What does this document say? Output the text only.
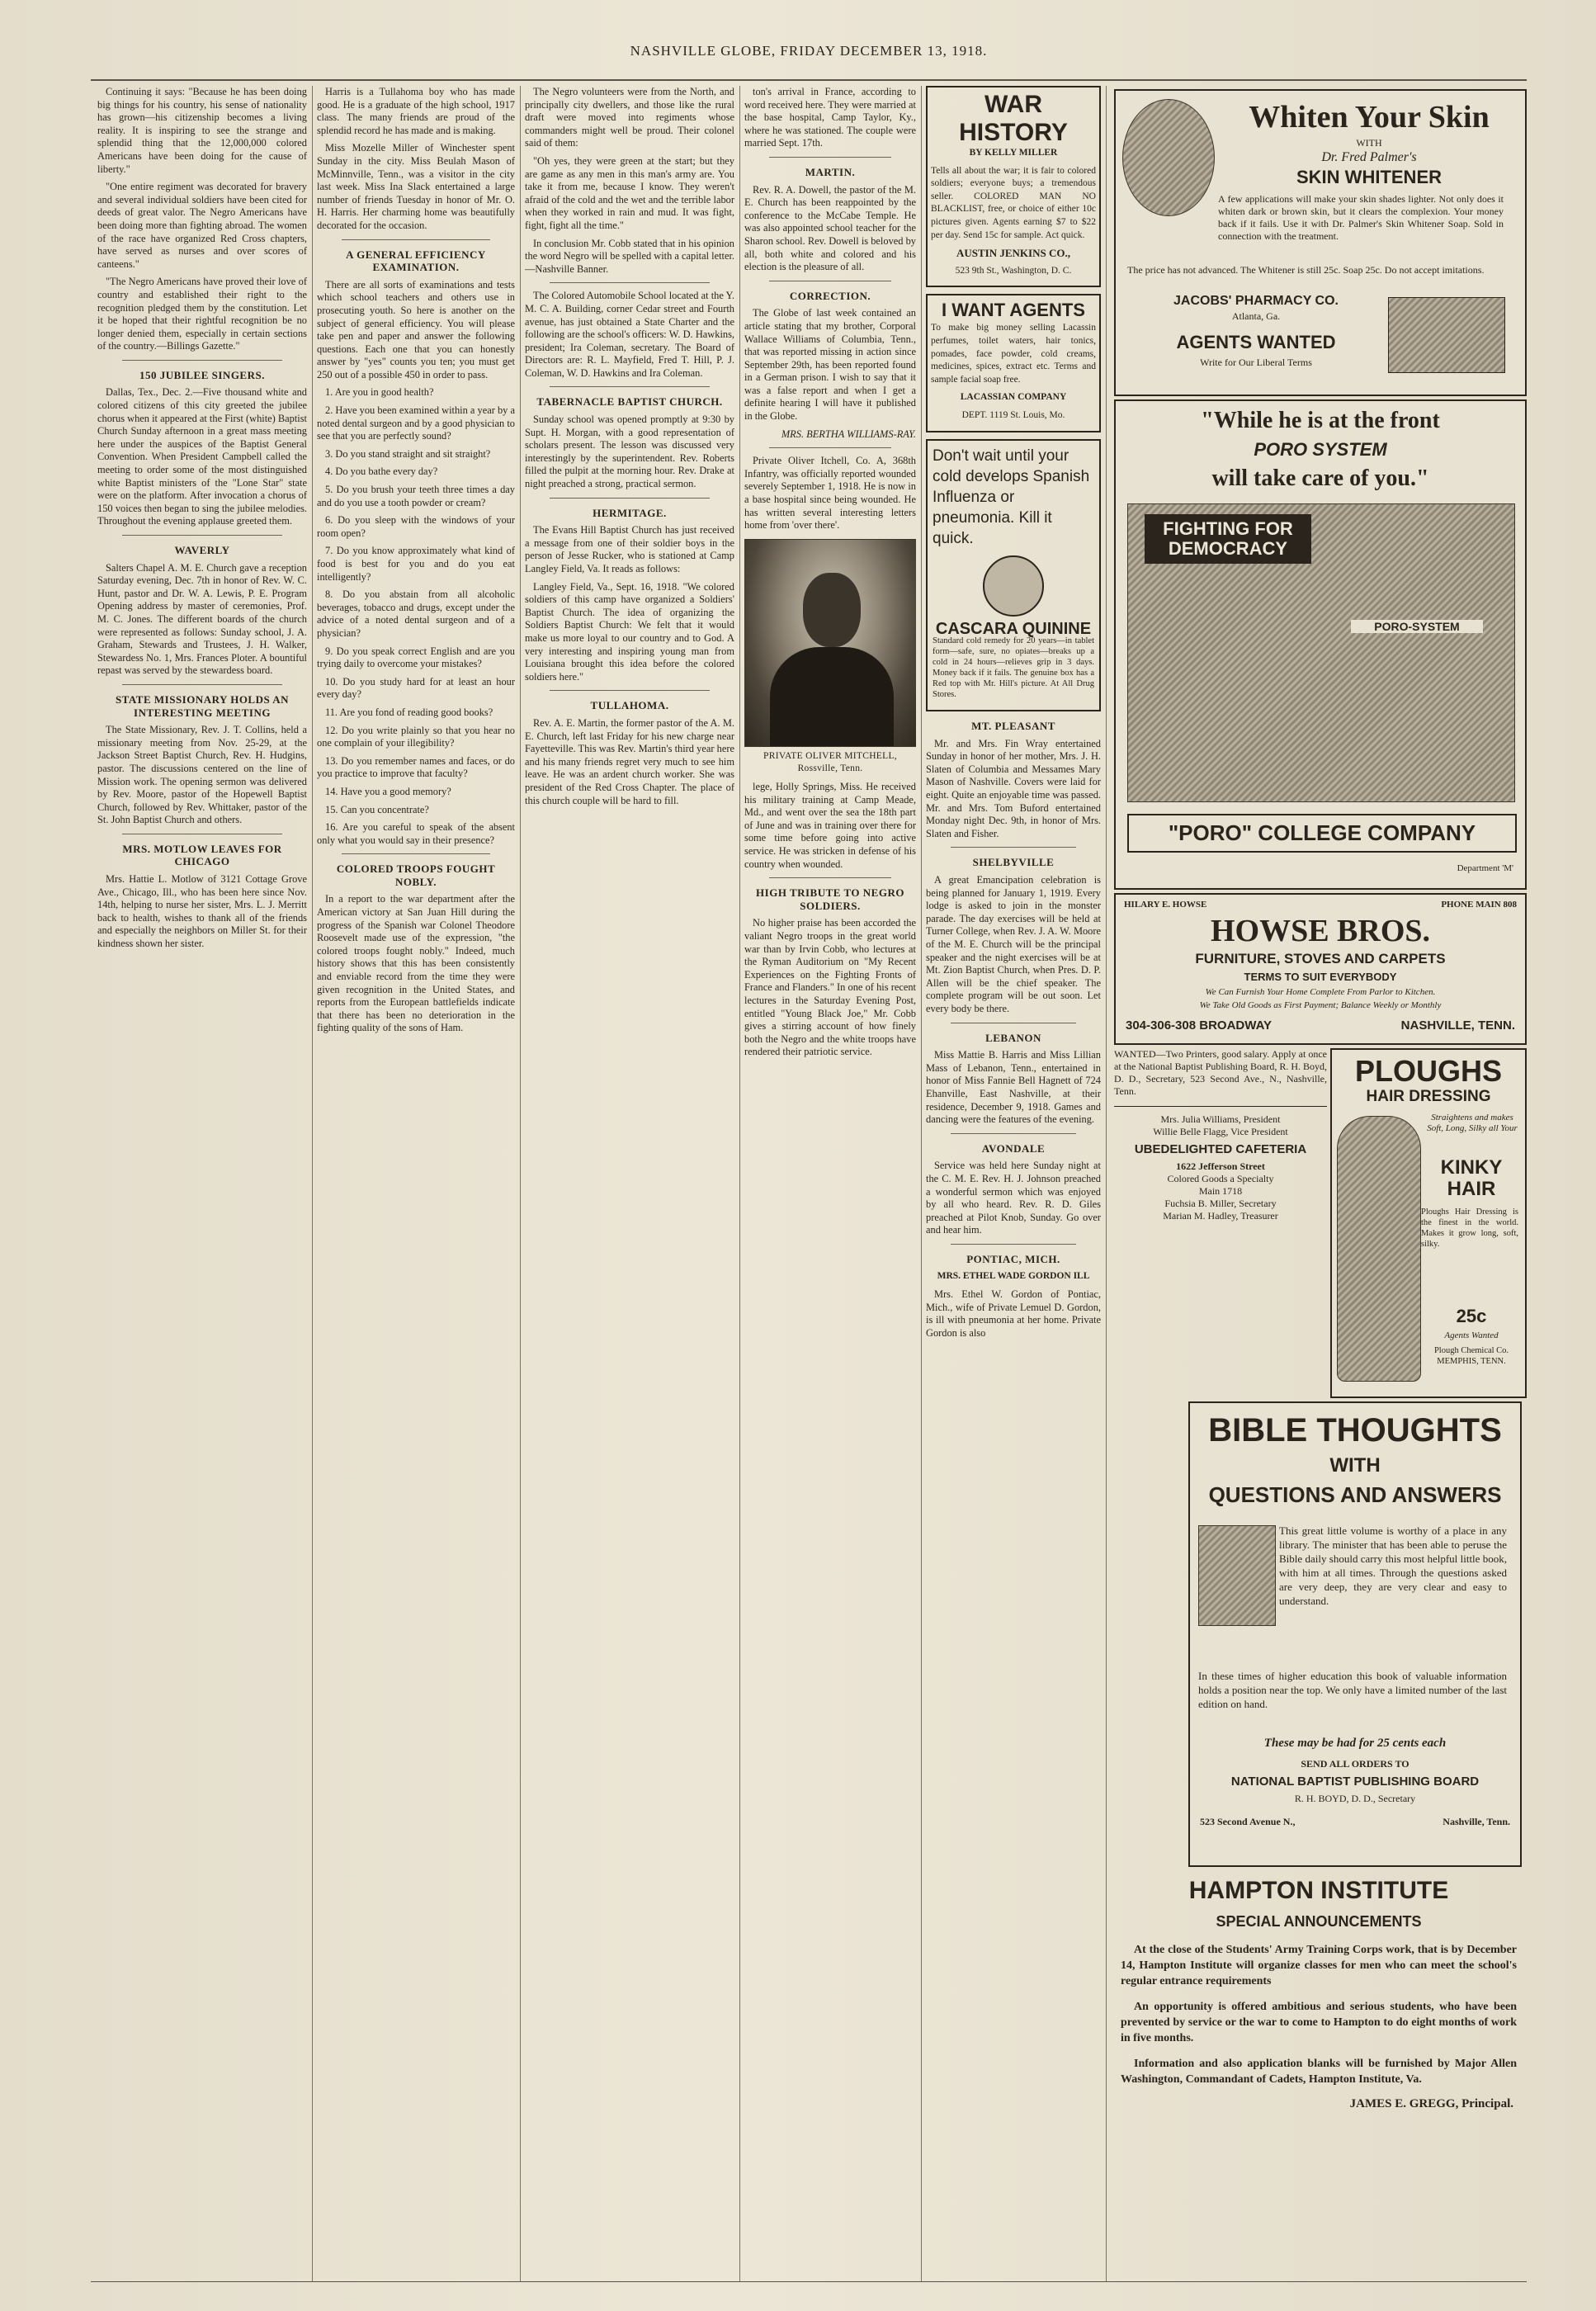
NASHVILLE GLOBE, FRIDAY DECEMBER 13, 1918.

Continuing it says: "Because he has been doing big things for his country, his sense of nationality has grown—his citizenship becomes a living reality. It is inspiring to see the strange and splendid thing that the 12,000,000 colored Americans have been doing for the cause of liberty."

"One entire regiment was decorated for bravery and several individual soldiers have been cited for deeds of great valor. The Negro Americans have been doing more than fighting abroad. The women of the race have organized Red Cross chapters, have served as nurses and over scores of canteens."

"The Negro Americans have proved their love of country and established their right to the recognition pledged them by the constitution. Let it be hoped that their rightful recognition be no longer denied them, especially in certain sections of the country.—Billings Gazette."

150 JUBILEE SINGERS.

Dallas, Tex., Dec. 2.—Five thousand white and colored citizens of this city greeted the jubilee chorus when it appeared at the First (white) Baptist Church Sunday afternoon in a great mass meeting here under the auspices of the Baptist General Convention. When President Campbell called the meeting to order some of the most distinguished white Baptist ministers of the "Lone Star" state were on the platform. After invocation a chorus of 150 voices then began to sing the jubilee melodies. Throughout the evening applause greeted them.

WAVERLY

Salters Chapel A. M. E. Church gave a reception Saturday evening, Dec. 7th in honor of Rev. W. C. Hunt, pastor and Dr. W. A. Lewis, P. E. Program Opening address by master of ceremonies, Prof. M. C. Jones. The different boards of the church were represented as follows: Sunday school, J. A. Graham, Stewards and Trustees, J. H. Walker, Stewardess No. 1, Mrs. Frances Ploter. A bountiful repast was served by the stewardess board.

STATE MISSIONARY HOLDS AN INTERESTING MEETING

The State Missionary, Rev. J. T. Collins, held a missionary meeting from Nov. 25-29, at the Jackson Street Baptist Church, Rev. H. Hudgins, pastor. The discussions centered on the line of Mission work. The opening sermon was delivered by Rev. Moore, pastor of the Hopewell Baptist Church, followed by Rev. Whittaker, pastor of the St. John Baptist Church and others.

MRS. MOTLOW LEAVES FOR CHICAGO

Mrs. Hattie L. Motlow of 3121 Cottage Grove Ave., Chicago, Ill., who has been here since Nov. 14th, helping to nurse her sister, Mrs. L. J. Merritt back to health, wishes to thank all of the friends and especially the neighbors on Miller St. for their kindness shown her sister.

Harris is a Tullahoma boy who has made good. He is a graduate of the high school, 1917 class. The many friends are proud of the splendid record he has made and is making.

Miss Mozelle Miller of Winchester spent Sunday in the city. Miss Beulah Mason of McMinnville, Tenn., was a visitor in the city last week. Miss Ina Slack entertained a large number of friends Tuesday in honor of Mr. O. H. Harris. Her charming home was beautifully decorated for the occasion.

A GENERAL EFFICIENCY EXAMINATION.

There are all sorts of examinations and tests which school teachers and others use in prosecuting youth. So here is another on the subject of general efficiency. You will please take pen and paper and answer the following questions. Each one that you can honestly answer by "yes" counts you ten; you must get 250 out of a possible 450 in order to pass.

1. Are you in good health?

2. Have you been examined within a year by a noted dental surgeon and by a good physician to see that you are perfectly sound?

3. Do you stand straight and sit straight?

4. Do you bathe every day?

5. Do you brush your teeth three times a day and do you use a tooth powder or cream?

6. Do you sleep with the windows of your room open?

7. Do you know approximately what kind of food is best for you and do you eat intelligently?

8. Do you abstain from all alcoholic beverages, tobacco and drugs, except under the advice of a noted dental surgeon and of a physician?

9. Do you speak correct English and are you trying daily to overcome your mistakes?

10. Do you study hard for at least an hour every day?

11. Are you fond of reading good books?

12. Do you write plainly so that you hear no one complain of your illegibility?

13. Do you remember names and faces, or do you practice to improve that faculty?

14. Have you a good memory?

15. Can you concentrate?

16. Are you careful to speak of the absent only what you would say in their presence?

COLORED TROOPS FOUGHT NOBLY.

In a report to the war department after the American victory at San Juan Hill during the progress of the Spanish war Colonel Theodore Roosevelt made use of the expression, "the colored troops fought nobly." Indeed, much history shows that this has been consistently and enviable record from the time they were given recognition in the United States, and reports from the European battlefields indicate that there has been no deterioration in the fighting quality of the sons of Ham.

The Negro volunteers were from the North, and principally city dwellers, and those like the rural draft were moved into regiments whose commanders might well be proud. Their colonel said of them:

"Oh yes, they were green at the start; but they are game as any men in this man's army are. You take it from me, because I know. They weren't afraid of the cold and the wet and the terrible labor when they worked in rain and mud. It was fight, fight, fight all the time."

In conclusion Mr. Cobb stated that in his opinion the word Negro will be spelled with a capital letter.—Nashville Banner.

The Colored Automobile School located at the Y. M. C. A. Building, corner Cedar street and Fourth avenue, has just obtained a State Charter and the following are the school's officers: W. D. Hawkins, president; Ira Coleman, secretary. The Board of Directors are: R. L. Mayfield, Fred T. Hill, P. J. Coleman, W. D. Hawkins and Ira Coleman.

TABERNACLE BAPTIST CHURCH.

Sunday school was opened promptly at 9:30 by Supt. H. Morgan, with a good representation of scholars present. The lesson was discussed very interestingly by the superintendent. Rev. Roberts filled the pulpit at the morning hour. Rev. Drake at night preached a strong, practical sermon.

HERMITAGE.

The Evans Hill Baptist Church has just received a message from one of their soldier boys in the person of Jesse Rucker, who is stationed at Camp Langley Field, Va. It reads as follows:

Langley Field, Va., Sept. 16, 1918. "We colored soldiers of this camp have organized a Soldiers' Baptist Church. The idea of organizing the Soldiers Baptist Church: We felt that it would make us more loyal to our country and to God. A very interesting and inspiring young man from Louisiana brought this idea before the colored soldiers here."

TULLAHOMA.

Rev. A. E. Martin, the former pastor of the A. M. E. Church, left last Friday for his new charge near Fayetteville. This was Rev. Martin's third year here and his many friends regret very much to see him leave. He was an ardent church worker. She was president of the Red Cross Chapter. The place of this church couple will be hard to fill.

ton's arrival in France, according to word received here. They were married at the base hospital, Camp Taylor, Ky., where he was stationed. The couple were married Sept. 17th.

MARTIN.

Rev. R. A. Dowell, the pastor of the M. E. Church has been reappointed by the conference to the McCabe Temple. He was also appointed school teacher for the Sharon school. Rev. Dowell is beloved by all, both white and colored and his election is the pleasure of all.

CORRECTION.

The Globe of last week contained an article stating that my brother, Corporal Wallace Williams of Columbia, Tenn., that was reported missing in action since September 29th, has been reported found in a German prison. I wish to say that it was a false report and when I get a definite hearing I will have it published in the Globe.

MRS. BERTHA WILLIAMS-RAY.

Private Oliver Itchell, Co. A, 368th Infantry, was officially reported wounded severely September 1, 1918. He is now in a base hospital since being wounded. He has written several interesting letters home from 'over there'.

PRIVATE OLIVER MITCHELL, Rossville, Tenn.

lege, Holly Springs, Miss. He received his military training at Camp Meade, Md., and went over the sea the 18th part of June and was in training over there for some time before going into active service. He was stricken in defense of his country when wounded.

HIGH TRIBUTE TO NEGRO SOLDIERS.

No higher praise has been accorded the valiant Negro troops in the great world war than by Irvin Cobb, who lectures at the Ryman Auditorium on "My Recent Experiences on the Fighting Fronts of France and Flanders." In one of his recent lectures in the Saturday Evening Post, entitled "Young Black Joe," Mr. Cobb gives a stirring account of how finely both the Negro and the white troops have rendered their patriotic service.

WAR HISTORY
BY KELLY MILLER

Tells all about the war; it is fair to colored soldiers; everyone buys; a tremendous seller. COLORED MAN NO BLACKLIST, free, or choice of either 10c pictures given. Agents earning $7 to $22 per day. Send 15c for sample. Act quick.

AUSTIN JENKINS CO.,
523 9th St., Washington, D. C.
I WANT AGENTS

To make big money selling Lacassin perfumes, toilet waters, hair tonics, pomades, face powder, cold creams, medicines, spices, extract etc. Terms and sample facial soap free.

LACASSIAN COMPANY
DEPT. 1119 St. Louis, Mo.
Don't wait until your cold develops Spanish Influenza or pneumonia. Kill it quick.
CASCARA QUININE

Standard cold remedy for 20 years—in tablet form—safe, sure, no opiates—breaks up a cold in 24 hours—relieves grip in 3 days. Money back if it fails. The genuine box has a Red top with Mr. Hill's picture. At All Drug Stores.

MT. PLEASANT

Mr. and Mrs. Fin Wray entertained Sunday in honor of her mother, Mrs. J. H. Slaten of Columbia and Messames Mary Mason of Nashville. Covers were laid for eight. Quite an enjoyable time was passed. Mr. and Mrs. Tom Buford entertained Monday night Dec. 9th, in honor of Mrs. Slaten and Fisher.

SHELBYVILLE

A great Emancipation celebration is being planned for January 1, 1919. Every lodge is asked to join in the monster parade. The day exercises will be held at Turner College, when Rev. J. A. W. Moore of the M. E. Church will be the principal speaker and the night exercises will be at Mt. Zion Baptist Church, when Pres. D. P. Allen will be the chief speaker. The complete program will be out soon. Let every body be there.

LEBANON

Miss Mattie B. Harris and Miss Lillian Mass of Lebanon, Tenn., entertained in honor of Miss Fannie Bell Hagnett of 724 Ehanville, East Nashville, at their residence, December 9, 1918. Games and dancing were the features of the evening.

AVONDALE

Service was held here Sunday night at the C. M. E. Rev. H. J. Johnson preached a wonderful sermon which was enjoyed by all who heard. Rev. R. D. Giles preached at Pilot Knob, Sunday. Go over and hear him.

PONTIAC, MICH.
MRS. ETHEL WADE GORDON ILL

Mrs. Ethel W. Gordon of Pontiac, Mich., wife of Private Lemuel D. Gordon, is ill with pneumonia at her home. Private Gordon is also

Whiten Your Skin
WITH
Dr. Fred Palmer's
SKIN WHITENER

A few applications will make your skin shades lighter. Not only does it whiten dark or brown skin, but it clears the complexion. Your money back if it fails. Use it with Dr. Palmer's Skin Whitener Soap. Sold in connection with the treatment.

The price has not advanced. The Whitener is still 25c. Soap 25c. Do not accept imitations.

JACOBS' PHARMACY CO.
Atlanta, Ga.
AGENTS WANTED
Write for Our Liberal Terms
"While he is at the front
PORO SYSTEM
will take care of you."
FIGHTING FOR DEMOCRACY
PORO-SYSTEM
"PORO" COLLEGE COMPANY
Department 'M'
HILARY E. HOWSE	PHONE MAIN 808
HOWSE BROS.
FURNITURE, STOVES AND CARPETS
TERMS TO SUIT EVERYBODY
We Can Furnish Your Home Complete From Parlor to Kitchen.
We Take Old Goods as First Payment; Balance Weekly or Monthly
304-306-308 BROADWAY	NASHVILLE, TENN.

WANTED—Two Printers, good salary. Apply at once at the National Baptist Publishing Board, R. H. Boyd, D. D., Secretary, 523 Second Ave., N., Nashville, Tenn.

Mrs. Julia Williams, President
Willie Belle Flagg, Vice President
UBEDELIGHTED CAFETERIA
1622 Jefferson Street
Colored Goods a Specialty
Main 1718
Fuchsia B. Miller, Secretary
Marian M. Hadley, Treasurer
PLOUGHS
HAIR DRESSING
Straightens and makes Soft, Long, Silky all Your
KINKY HAIR

Ploughs Hair Dressing is the finest in the world. Makes it grow long, soft, silky.

25c
Agents Wanted
Plough Chemical Co. MEMPHIS, TENN.
BIBLE THOUGHTS
WITH
QUESTIONS AND ANSWERS

This great little volume is worthy of a place in any library. The minister that has been able to peruse the Bible daily should carry this most helpful little book, with him at all times. Through the questions asked are very deep, they are very clear and easy to understand.

In these times of higher education this book of valuable information holds a position near the top. We only have a limited number of the last edition on hand.

These may be had for 25 cents each
SEND ALL ORDERS TO
NATIONAL BAPTIST PUBLISHING BOARD
R. H. BOYD, D. D., Secretary
523 Second Avenue N.,	Nashville, Tenn.
HAMPTON INSTITUTE
SPECIAL ANNOUNCEMENTS

At the close of the Students' Army Training Corps work, that is by December 14, Hampton Institute will organize classes for men who can meet the school's regular entrance requirements

An opportunity is offered ambitious and serious students, who have been prevented by service or the war to come to Hampton to do eight months of work in five months.

Information and also application blanks will be furnished by Major Allen Washington, Commandant of Cadets, Hampton Institute, Va.

JAMES E. GREGG, Principal.
